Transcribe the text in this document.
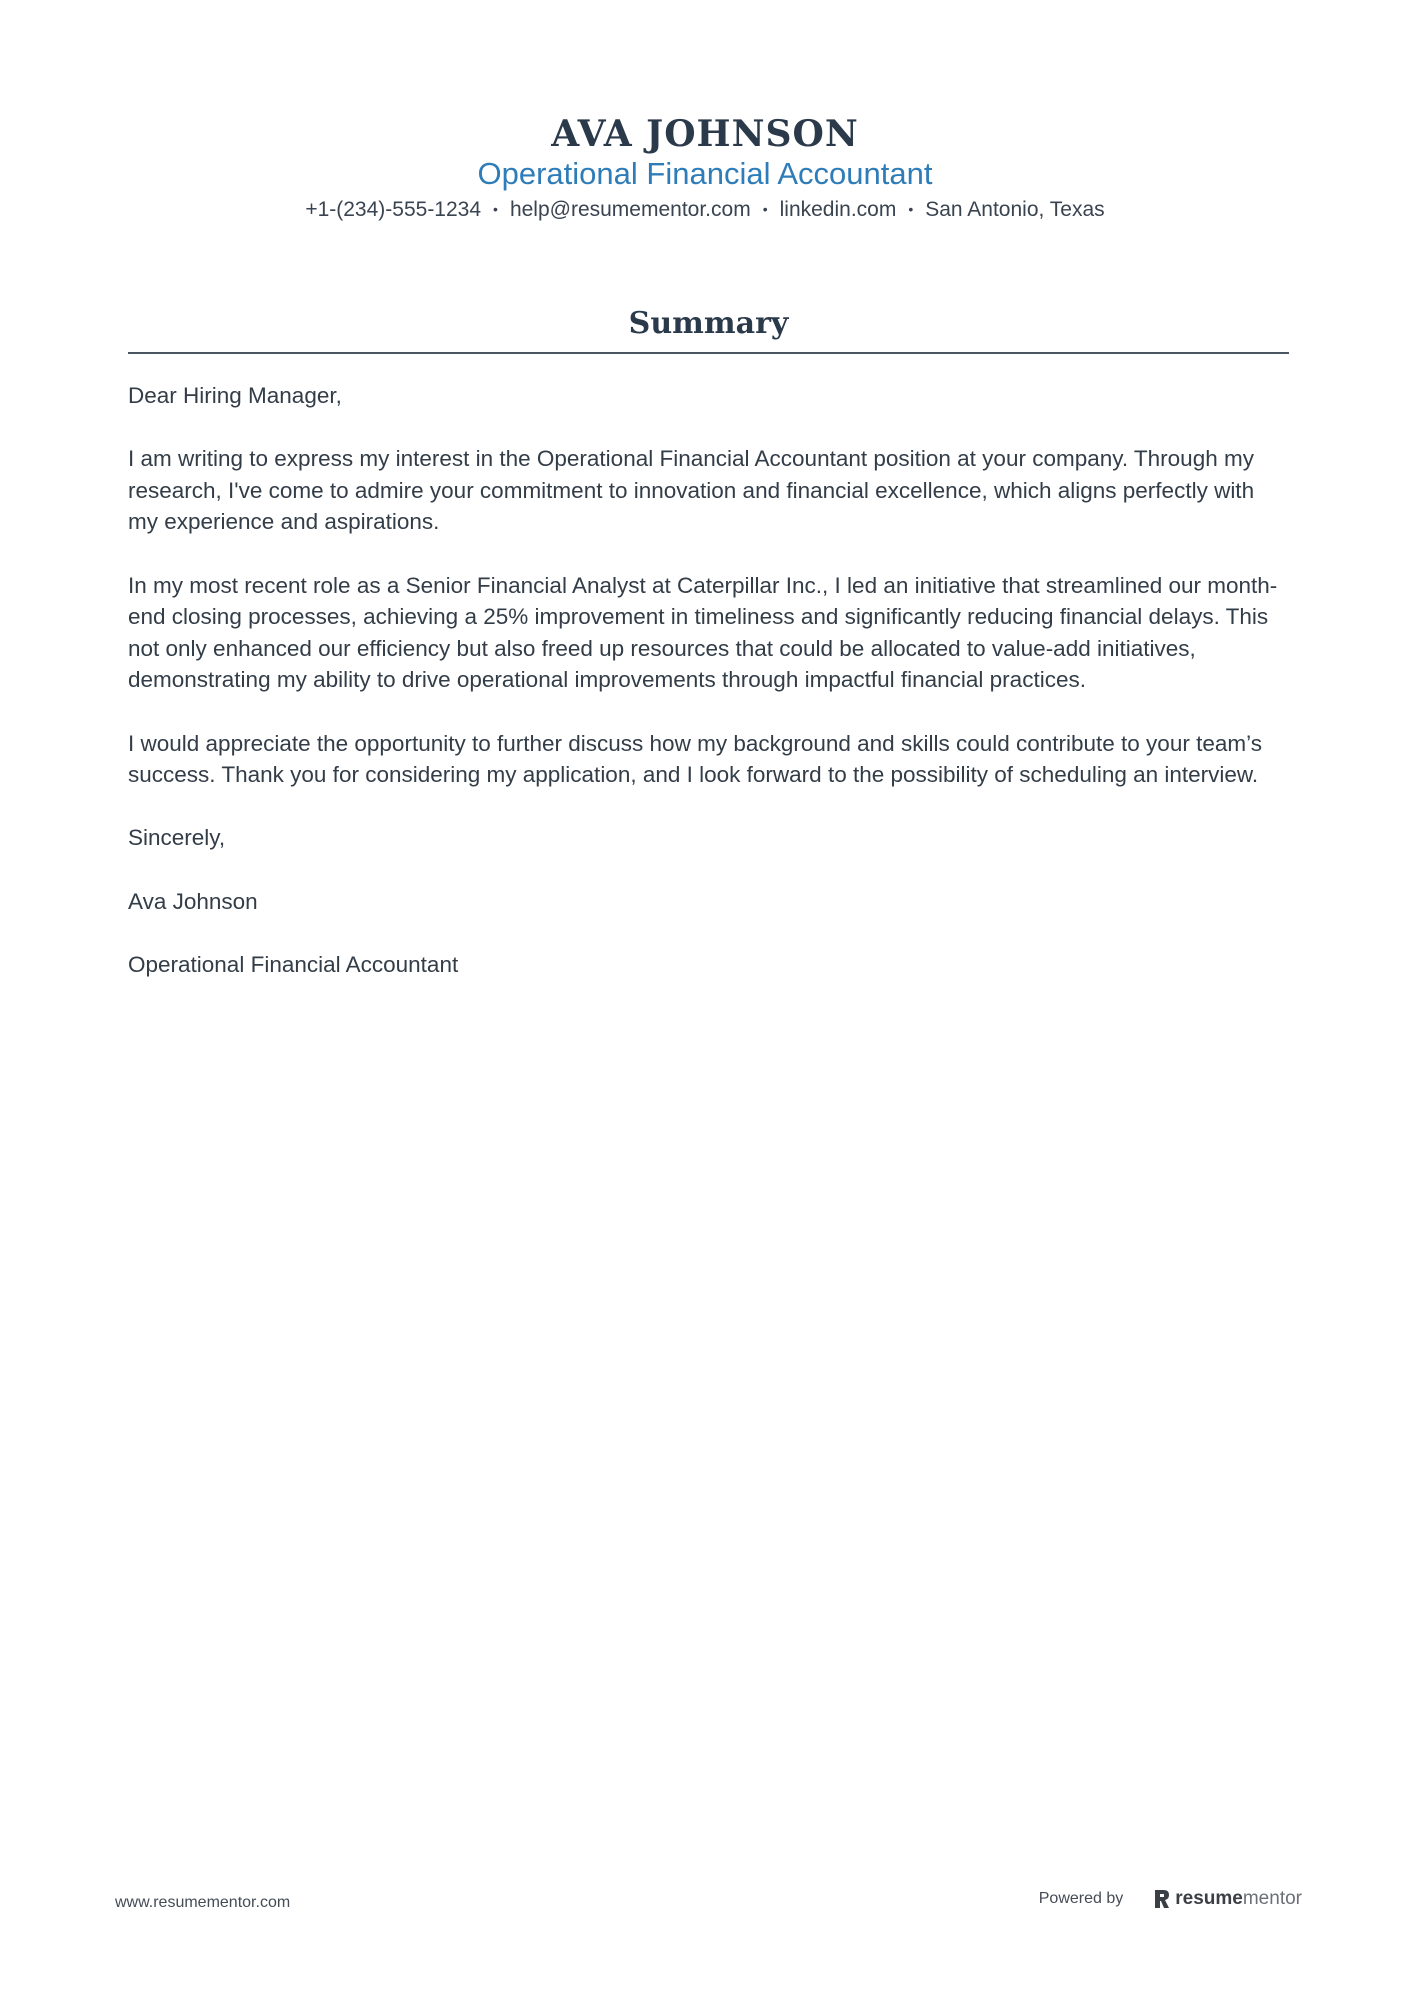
AVA JOHNSON
Operational Financial Accountant
+1-(234)-555-1234 • help@resumementor.com • linkedin.com • San Antonio, Texas
Summary

Dear Hiring Manager,

I am writing to express my interest in the Operational Financial Accountant position at your company. Through my research, I've come to admire your commitment to innovation and financial excellence, which aligns perfectly with my experience and aspirations.

In my most recent role as a Senior Financial Analyst at Caterpillar Inc., I led an initiative that streamlined our month-end closing processes, achieving a 25% improvement in timeliness and significantly reducing financial delays. This not only enhanced our efficiency but also freed up resources that could be allocated to value-add initiatives, demonstrating my ability to drive operational improvements through impactful financial practices.

I would appreciate the opportunity to further discuss how my background and skills could contribute to your team’s success. Thank you for considering my application, and I look forward to the possibility of scheduling an interview.

Sincerely,

Ava Johnson

Operational Financial Accountant

www.resumementor.com	Powered by	resume mentor
